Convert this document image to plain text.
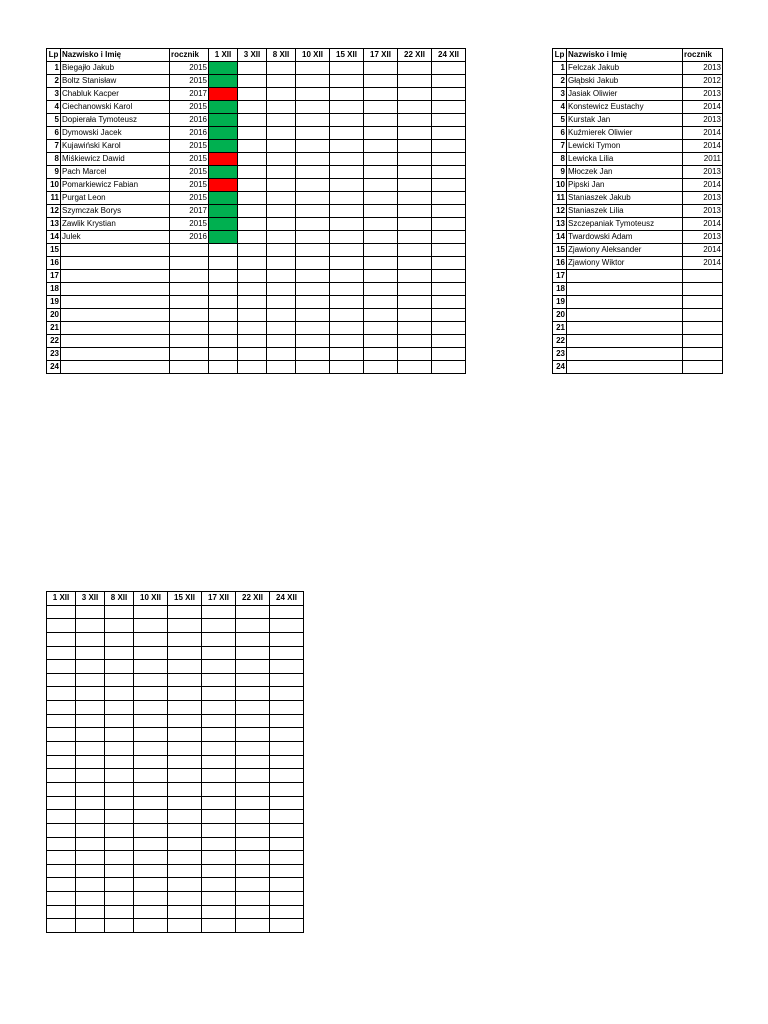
Lp	Nazwisko i Imię	rocznik	1 XII	3 XII	8 XII	10 XII	15 XII	17 XII	22 XII	24 XII
1	Biegajło Jakub	2015								
2	Boltz Stanisław	2015								
3	Chabluk Kacper	2017								
4	Ciechanowski Karol	2015								
5	Dopierała Tymoteusz	2016								
6	Dymowski Jacek	2016								
7	Kujawiński Karol	2015								
8	Miśkiewicz Dawid	2015								
9	Pach Marcel	2015								
10	Pomarkiewicz Fabian	2015								
11	Purgat Leon	2015								
12	Szymczak Borys	2017								
13	Zawlik Krystian	2015								
14	Julek	2016								
15										
16										
17										
18										
19										
20										
21										
22										
23										
24										
Lp	Nazwisko i Imię	rocznik
1	Felczak Jakub	2013
2	Głąbski Jakub	2012
3	Jasiak Oliwier	2013
4	Konstewicz Eustachy	2014
5	Kurstak Jan	2013
6	Kuźmierek Oliwier	2014
7	Lewicki Tymon	2014
8	Lewicka Lilia	2011
9	Młoczek Jan	2013
10	Pipski Jan	2014
11	Staniaszek Jakub	2013
12	Staniaszek Lilia	2013
13	Szczepaniak Tymoteusz	2014
14	Twardowski Adam	2013
15	Zjawiony Aleksander	2014
16	Zjawiony Wiktor	2014
17		
18		
19		
20		
21		
22		
23		
24		
1 XII	3 XII	8 XII	10 XII	15 XII	17 XII	22 XII	24 XII
